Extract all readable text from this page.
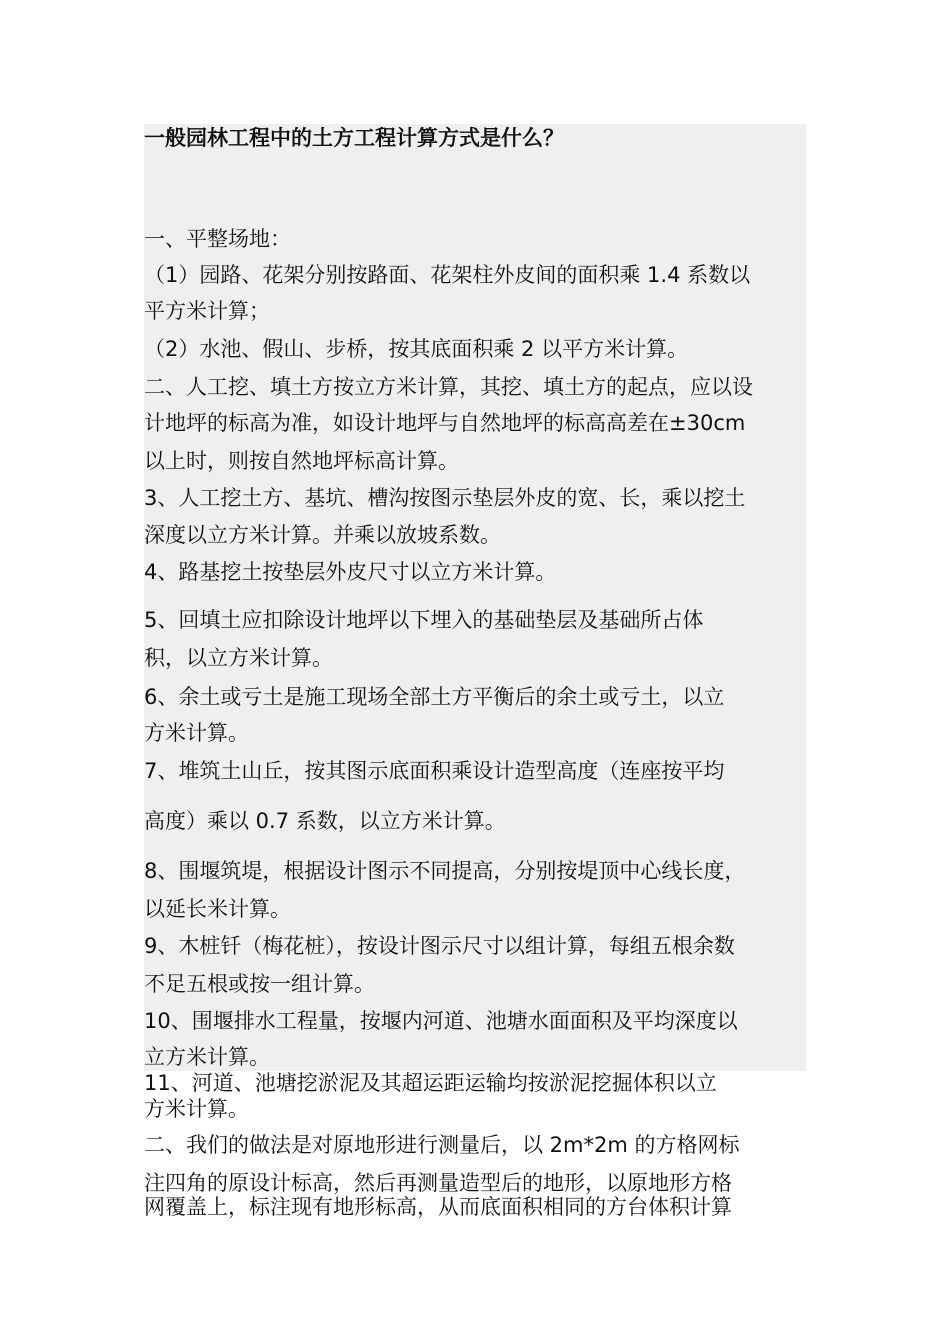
一般园林工程中的土方工程计算方式是什么？
一、平整场地：
（1）园路、花架分别按路面、花架柱外皮间的面积乘 1.4 系数以
平方米计算；
（2）水池、假山、步桥，按其底面积乘 2 以平方米计算。
二、人工挖、填土方按立方米计算，其挖、填土方的起点，应以设
计地坪的标高为准，如设计地坪与自然地坪的标高高差在±30cm
以上时，则按自然地坪标高计算。
3、人工挖土方、基坑、槽沟按图示垫层外皮的宽、长，乘以挖土
深度以立方米计算。并乘以放坡系数。
4、路基挖土按垫层外皮尺寸以立方米计算。
5、回填土应扣除设计地坪以下埋入的基础垫层及基础所占体
积，以立方米计算。
6、余土或亏土是施工现场全部土方平衡后的余土或亏土，以立
方米计算。
7、堆筑土山丘，按其图示底面积乘设计造型高度（连座按平均
高度）乘以 0.7 系数，以立方米计算。
8、围堰筑堤，根据设计图示不同提高，分别按堤顶中心线长度，
以延长米计算。
9、木桩钎（梅花桩），按设计图示尺寸以组计算，每组五根余数
不足五根或按一组计算。
10、围堰排水工程量，按堰内河道、池塘水面面积及平均深度以
立方米计算。
11、河道、池塘挖淤泥及其超运距运输均按淤泥挖掘体积以立
方米计算。
二、我们的做法是对原地形进行测量后，以 2m*2m 的方格网标
注四角的原设计标高，然后再测量造型后的地形，以原地形方格
网覆盖上，标注现有地形标高，从而底面积相同的方台体积计算
